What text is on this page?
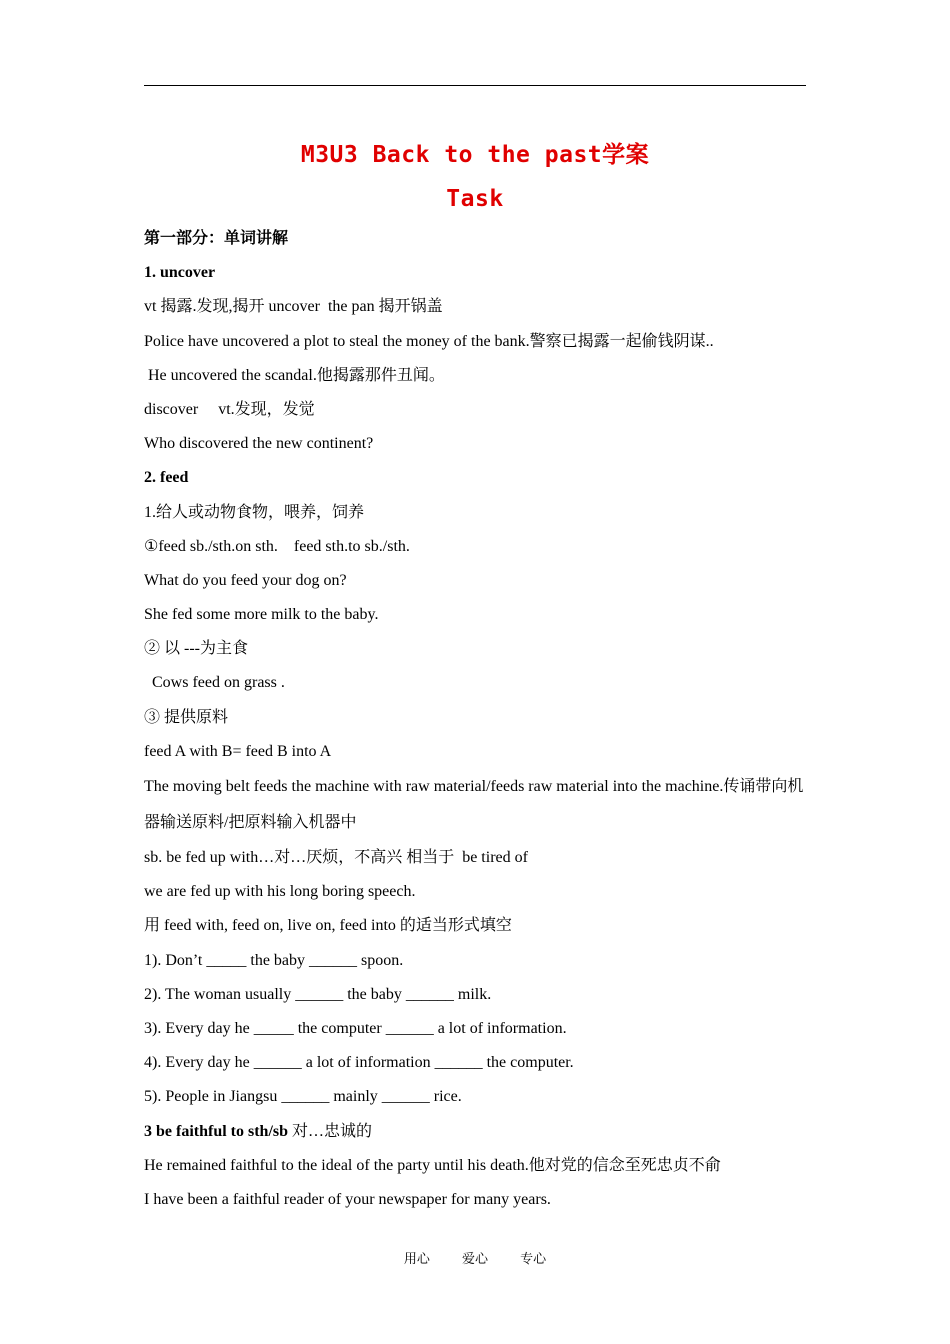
M3U3 Back to the past学案
Task
第一部分：单词讲解
1. uncover
vt 揭露.发现,揭开 uncover  the pan 揭开锅盖
Police have uncovered a plot to steal the money of the bank.警察已揭露一起偷钱阴谋..
He uncovered the scandal.他揭露那件丑闻。
discover     vt.发现，发觉
Who discovered the new continent?
2. feed
1.给人或动物食物，喂养，饲养
①feed sb./sth.on sth.    feed sth.to sb./sth.
What do you feed your dog on?
She fed some more milk to the baby.
② 以 ---为主食
Cows feed on grass .
③ 提供原料
feed A with B= feed B into A
The moving belt feeds the machine with raw material/feeds raw material into the machine.传诵带向机器输送原料/把原料输入机器中
sb. be fed up with…对…厌烦，不高兴 相当于  be tired of
we are fed up with his long boring speech.
用 feed with, feed on, live on, feed into 的适当形式填空
1). Don’t _____ the baby ______ spoon.
2). The woman usually ______ the baby ______ milk.
3). Every day he _____ the computer ______ a lot of information.
4). Every day he ______ a lot of information ______ the computer.
5). People in Jiangsu ______ mainly ______ rice.
3 be faithful to sth/sb 对…忠诚的
He remained faithful to the ideal of the party until his death.他对党的信念至死忠贞不俞
I have been a faithful reader of your newspaper for many years.
用心 爱心 专心
